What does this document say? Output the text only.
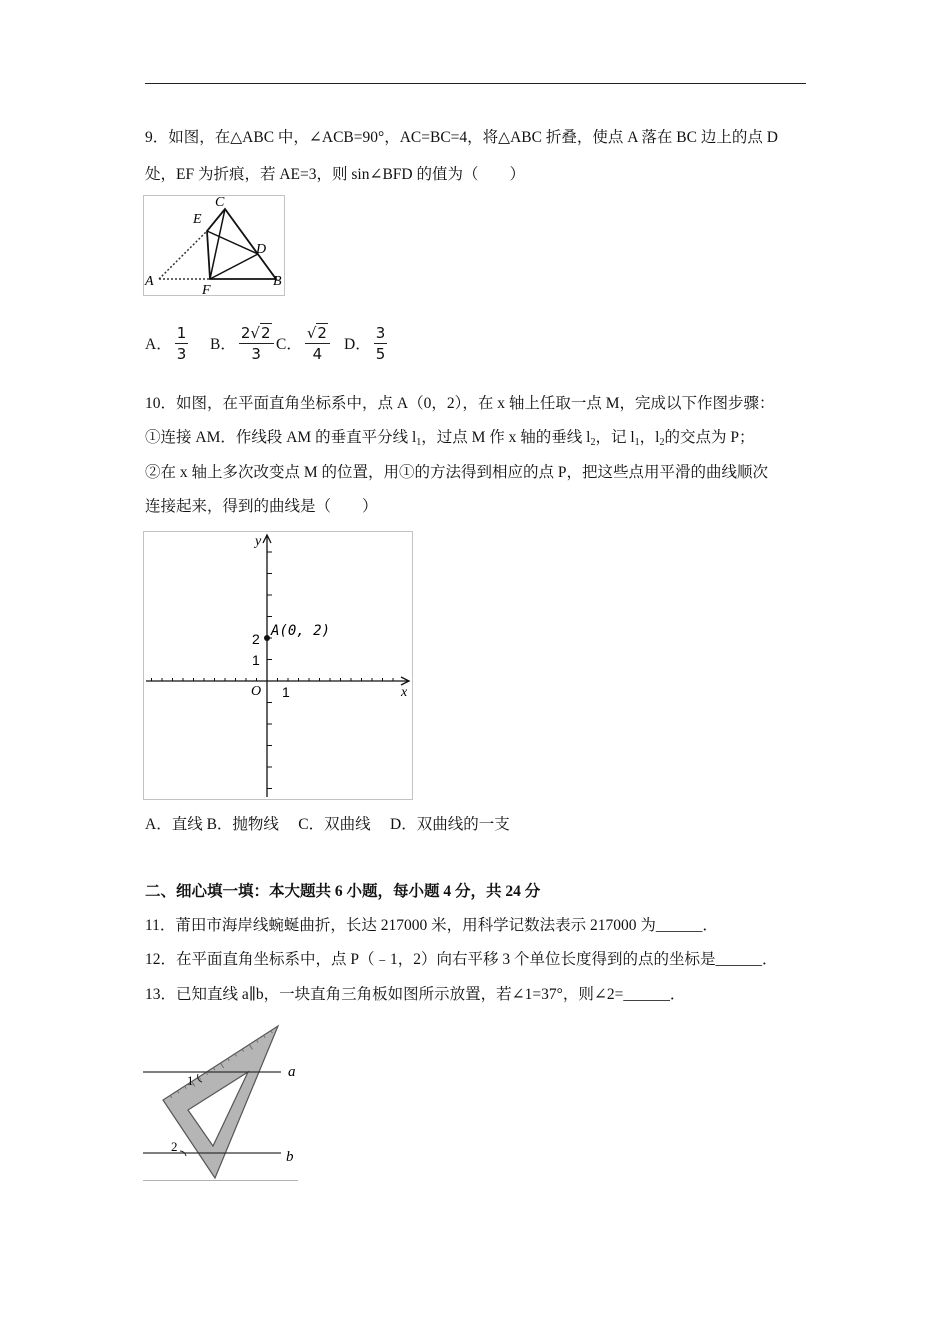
9．如图，在△ABC 中，∠ACB=90°，AC=BC=4，将△ABC 折叠，使点 A 落在 BC 边上的点 D
处，EF 为折痕，若 AE=3，则 sin∠BFD 的值为（　　）
C
E
D
A	B
F
A． $\frac{1}{3}$ B． $\frac{2√2}{3}$ C． $\frac{√2}{4}$ D． $\frac{3}{5}$
10．如图，在平面直角坐标系中，点 A（0，2），在 x 轴上任取一点 M，完成以下作图步骤：
①连接 AM．作线段 AM 的垂直平分线 $l_1$，过点 M 作 x 轴的垂线 $l_2$，记 $l_1$，$l_2$的交点为 P；
②在 x 轴上多次改变点 M 的位置，用①的方法得到相应的点 P，把这些点用平滑的曲线顺次
连接起来，得到的曲线是（　　）
y
x
O 1
1
2 A(0, 2)
A．直线 B．抛物线　 C．双曲线　 D．双曲线的一支
二、细心填一填：本大题共 6 小题，每小题 4 分，共 24 分
11．莆田市海岸线蜿蜒曲折，长达 217000 米，用科学记数法表示 217000 为______．
12．在平面直角坐标系中，点 P（﹣1，2）向右平移 3 个单位长度得到的点的坐标是______．
13．已知直线 a∥b，一块直角三角板如图所示放置，若∠1=37°，则∠2=______．
1
2
a
b
